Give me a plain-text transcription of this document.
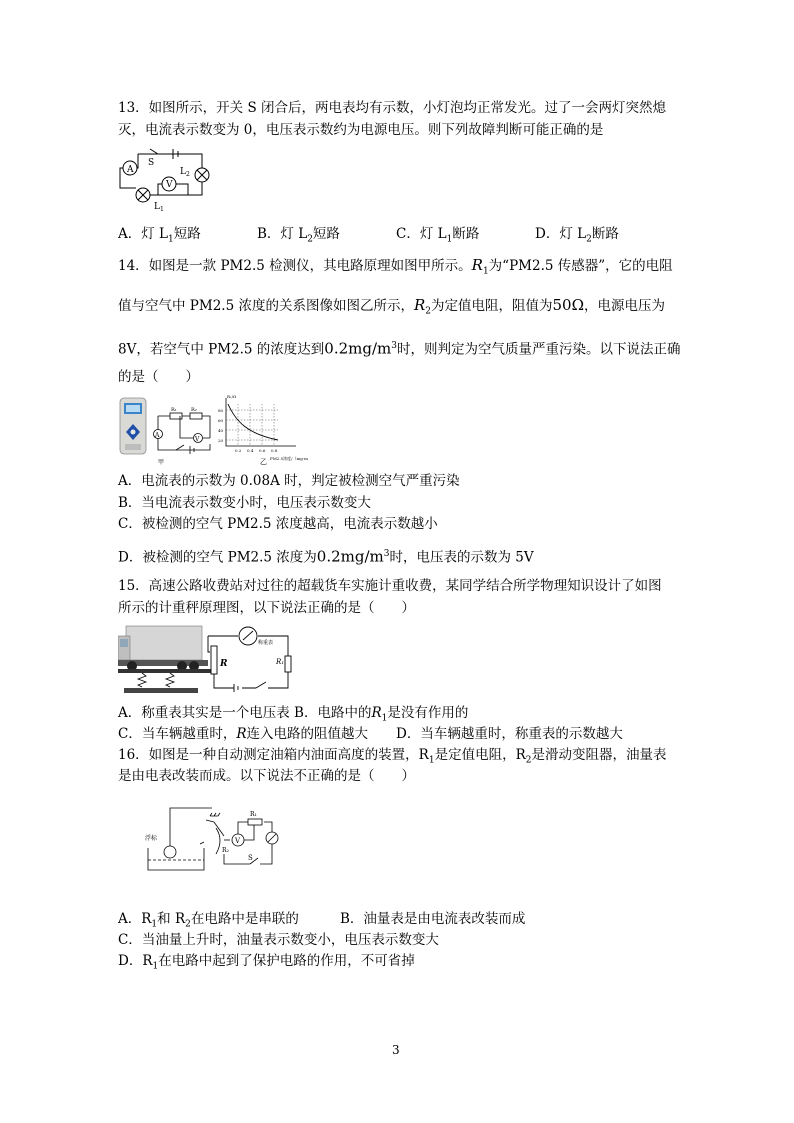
13．如图所示，开关 S 闭合后，两电表均有示数，小灯泡均正常发光。过了一会两灯突然熄
灭，电流表示数变为 0，电压表示数约为电源电压。则下列故障判断可能正确的是
A
V
S
$L_2$
$L_1$
A．灯 $L_1$短路	B．灯 $L_2$短路	C．灯 $L_1$断路	D．灯 $L_2$断路
14．如图是一款 PM2.5 检测仪，其电路原理如图甲所示。$R_1$为“PM2.5 传感器”，它的电阻
值与空气中 PM2.5 浓度的关系图像如图乙所示，$R_2$为定值电阻，阻值为50Ω，电源电压为
8V，若空气中 PM2.5 的浓度达到$0.2mg/m^3$时，则判定为空气质量严重污染。以下说法正确
的是（　　）
A
V
R₁	R₂
甲
80
60
40
20
0.2 0.4 0.6 0.8
R₁/Ω
PM2.5浓度/（mg·m
乙
A．电流表的示数为 0.08A 时，判定被检测空气严重污染
B．当电流表示数变小时，电压表示数变大
C．被检测的空气 PM2.5 浓度越高，电流表示数越小
D．被检测的空气 PM2.5 浓度为$0.2mg/m^3$时，电压表的示数为 5V
15．高速公路收费站对过往的超载货车实施计重收费，某同学结合所学物理知识设计了如图
所示的计重秤原理图，以下说法正确的是（　　）
R	R₁
称重表
A．称重表其实是一个电压表 B．电路中的$R_1$是没有作用的
C．当车辆越重时，R连入电路的阻值越大 D．当车辆越重时，称重表的示数越大
16．如图是一种自动测定油箱内油面高度的装置，$R_1$是定值电阻，$R_2$是滑动变阻器，油量表
是由电表改装而成。以下说法不正确的是（　　）
浮标
R₁
R₂
V
S
A．$R_1$和 $R_2$在电路中是串联的	B．油量表是由电流表改装而成
C．当油量上升时，油量表示数变小，电压表示数变大
D．$R_1$在电路中起到了保护电路的作用，不可省掉
3
